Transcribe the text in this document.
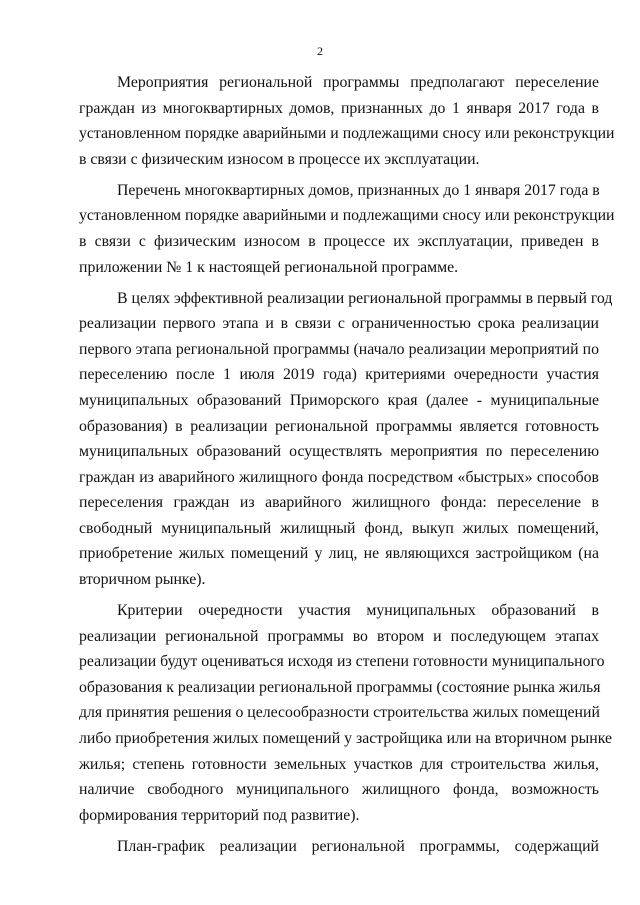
2
Мероприятия региональной программы предполагают переселение
граждан из многоквартирных домов, признанных до 1 января 2017 года в
установленном порядке аварийными и подлежащими сносу или реконструкции
в связи с физическим износом в процессе их эксплуатации.
Перечень многоквартирных домов, признанных до 1 января 2017 года в
установленном порядке аварийными и подлежащими сносу или реконструкции
в связи с физическим износом в процессе их эксплуатации, приведен в
приложении № 1 к настоящей региональной программе.
В целях эффективной реализации региональной программы в первый год
реализации первого этапа и в связи с ограниченностью срока реализации
первого этапа региональной программы (начало реализации мероприятий по
переселению после 1 июля 2019 года) критериями очередности участия
муниципальных образований Приморского края (далее - муниципальные
образования) в реализации региональной программы является готовность
муниципальных образований осуществлять мероприятия по переселению
граждан из аварийного жилищного фонда посредством «быстрых» способов
переселения граждан из аварийного жилищного фонда: переселение в
свободный муниципальный жилищный фонд, выкуп жилых помещений,
приобретение жилых помещений у лиц, не являющихся застройщиком (на
вторичном рынке).
Критерии очередности участия муниципальных образований в
реализации региональной программы во втором и последующем этапах
реализации будут оцениваться исходя из степени готовности муниципального
образования к реализации региональной программы (состояние рынка жилья
для принятия решения о целесообразности строительства жилых помещений
либо приобретения жилых помещений у застройщика или на вторичном рынке
жилья; степень готовности земельных участков для строительства жилья,
наличие свободного муниципального жилищного фонда, возможность
формирования территорий под развитие).
План-график реализации региональной программы, содержащий
